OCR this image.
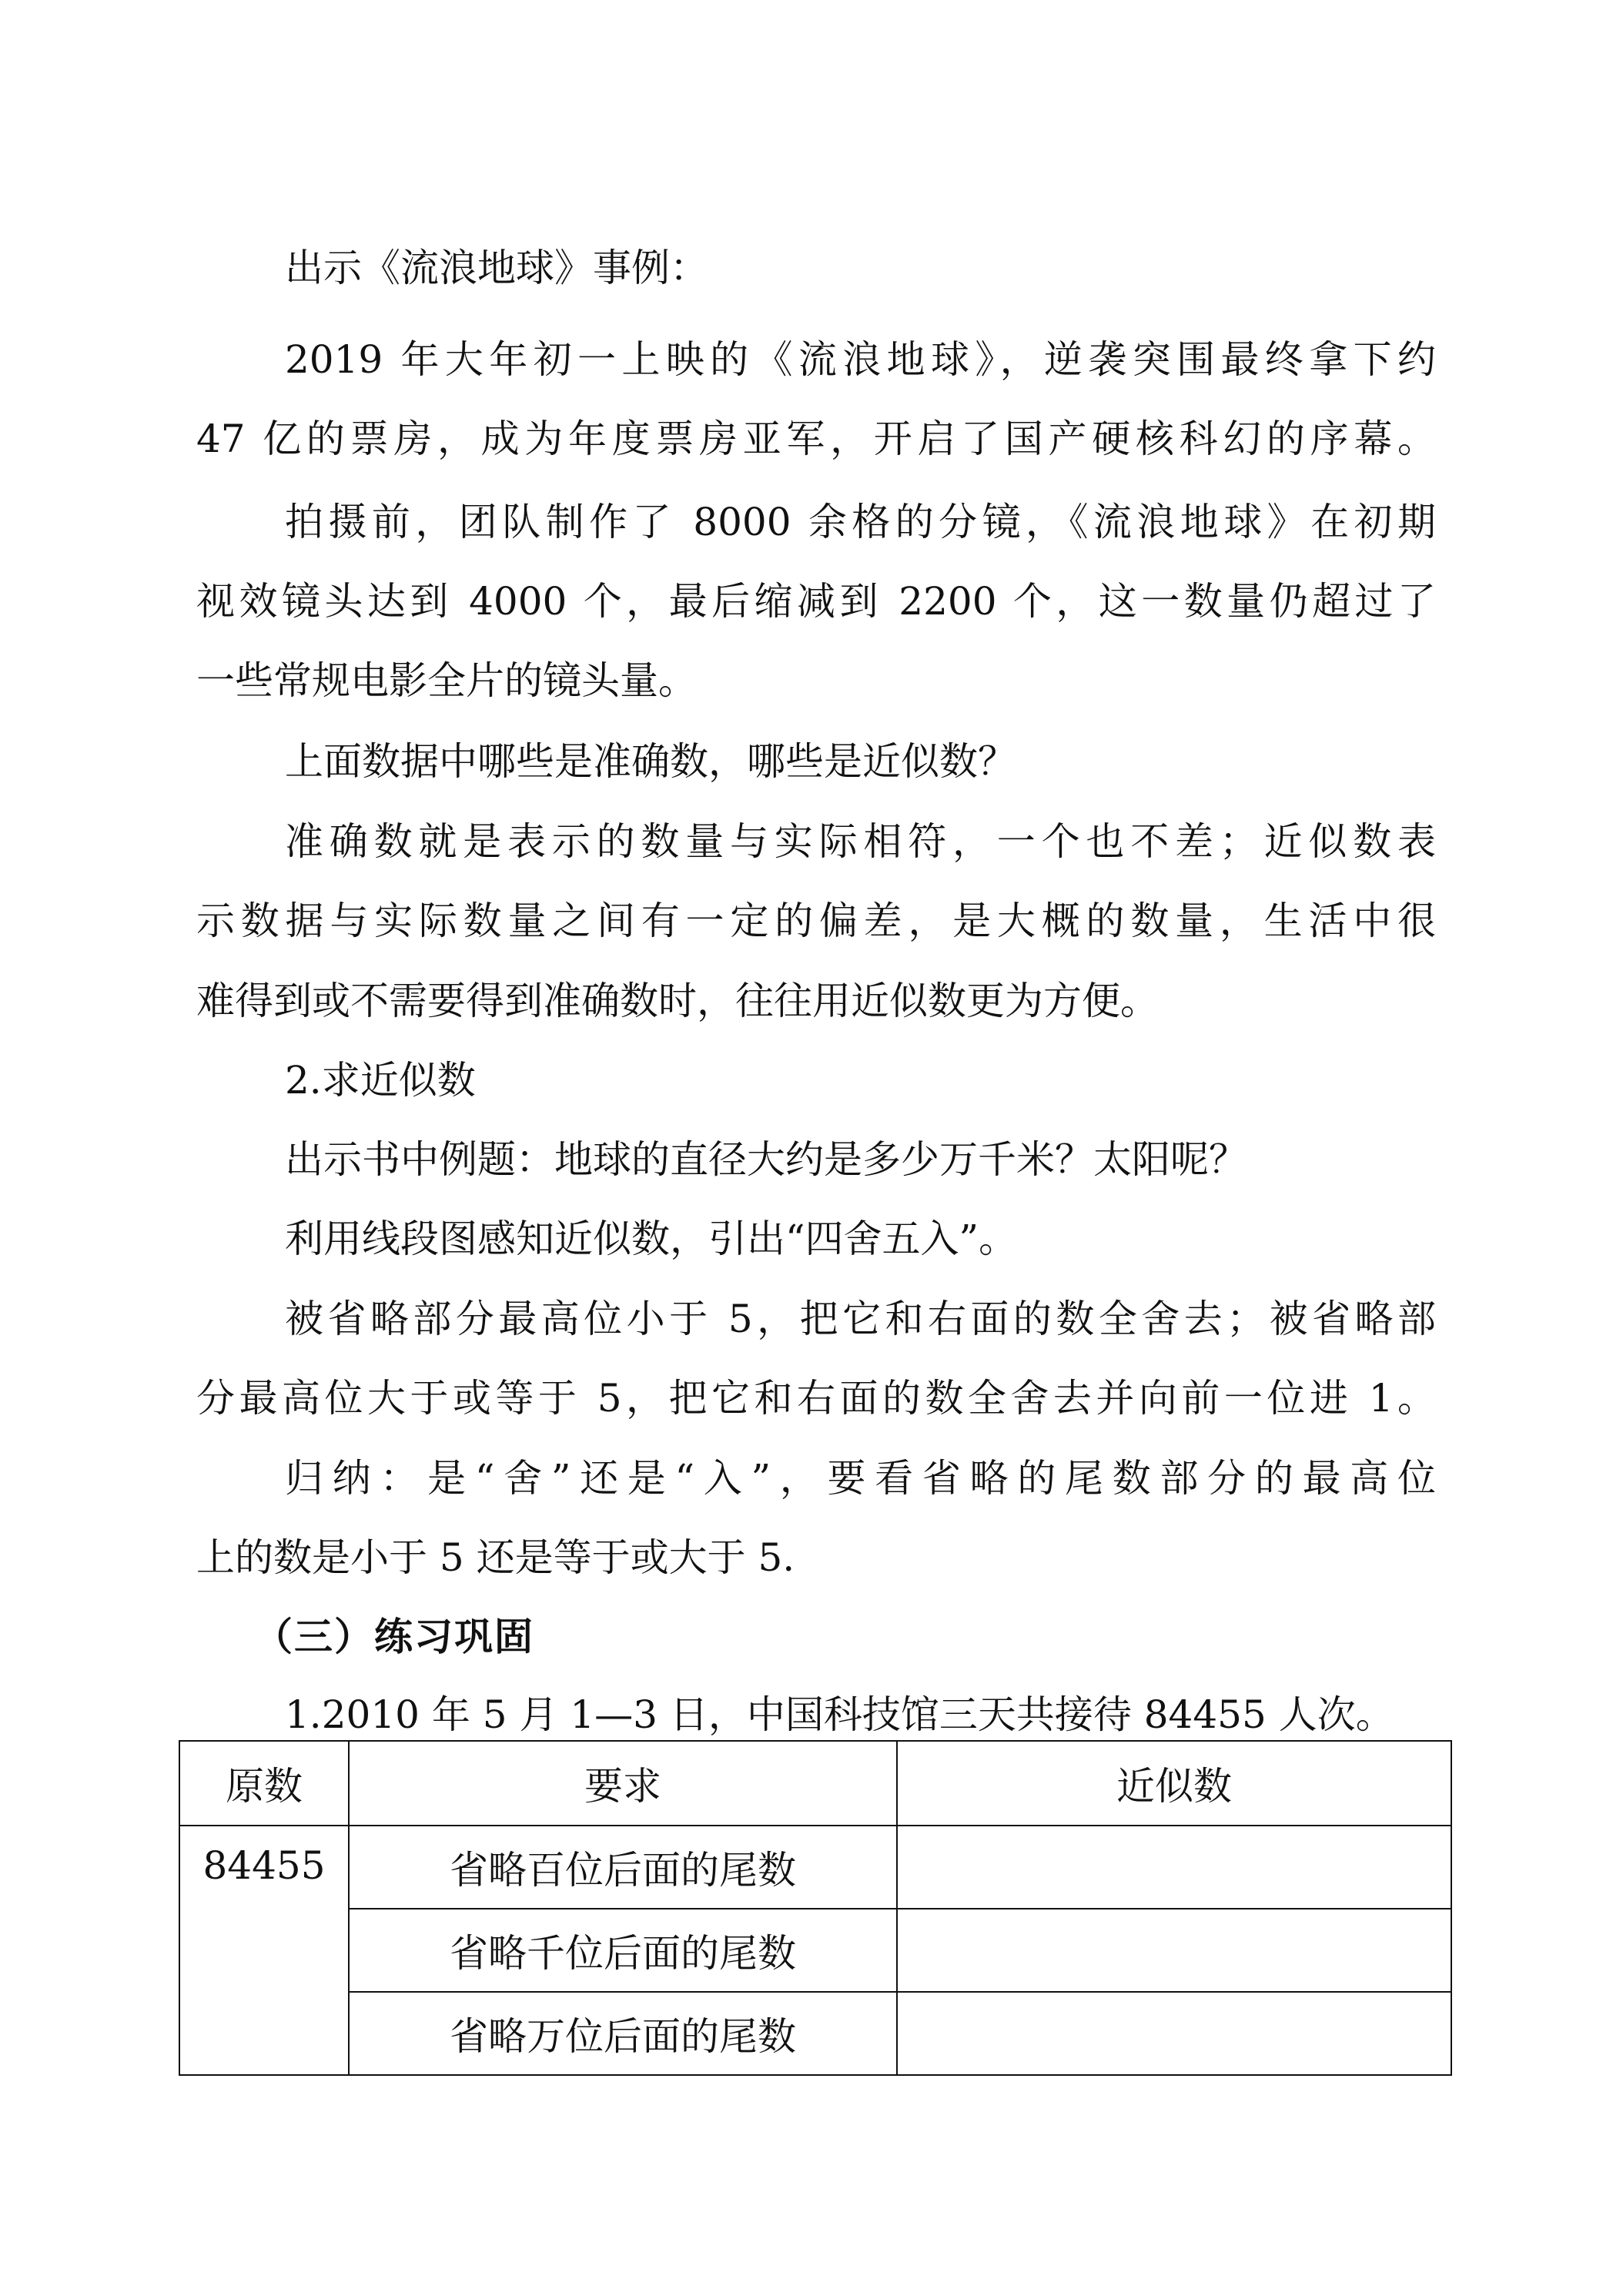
出示《流浪地球》事例：
2019 年大年初一上映的《流浪地球》，逆袭突围最终拿下约
47 亿的票房，成为年度票房亚军，开启了国产硬核科幻的序幕。
拍摄前，团队制作了 8000 余格的分镜，《流浪地球》在初期
视效镜头达到 4000 个，最后缩减到 2200 个，这一数量仍超过了
一些常规电影全片的镜头量。
上面数据中哪些是准确数，哪些是近似数？
准确数就是表示的数量与实际相符，一个也不差；近似数表
示数据与实际数量之间有一定的偏差，是大概的数量，生活中很
难得到或不需要得到准确数时，往往用近似数更为方便。
2.求近似数
出示书中例题：地球的直径大约是多少万千米？太阳呢？
利用线段图感知近似数，引出“四舍五入”。
被省略部分最高位小于 5，把它和右面的数全舍去；被省略部
分最高位大于或等于 5，把它和右面的数全舍去并向前一位进 1。
归纳：是“舍”还是“入”，要看省略的尾数部分的最高位
上的数是小于 5 还是等于或大于 5.
（三）练习巩固
1.2010 年 5 月 1—3 日，中国科技馆三天共接待 84455 人次。
原数	要求	近似数
84455	省略百位后面的尾数	
	省略千位后面的尾数	
	省略万位后面的尾数	
